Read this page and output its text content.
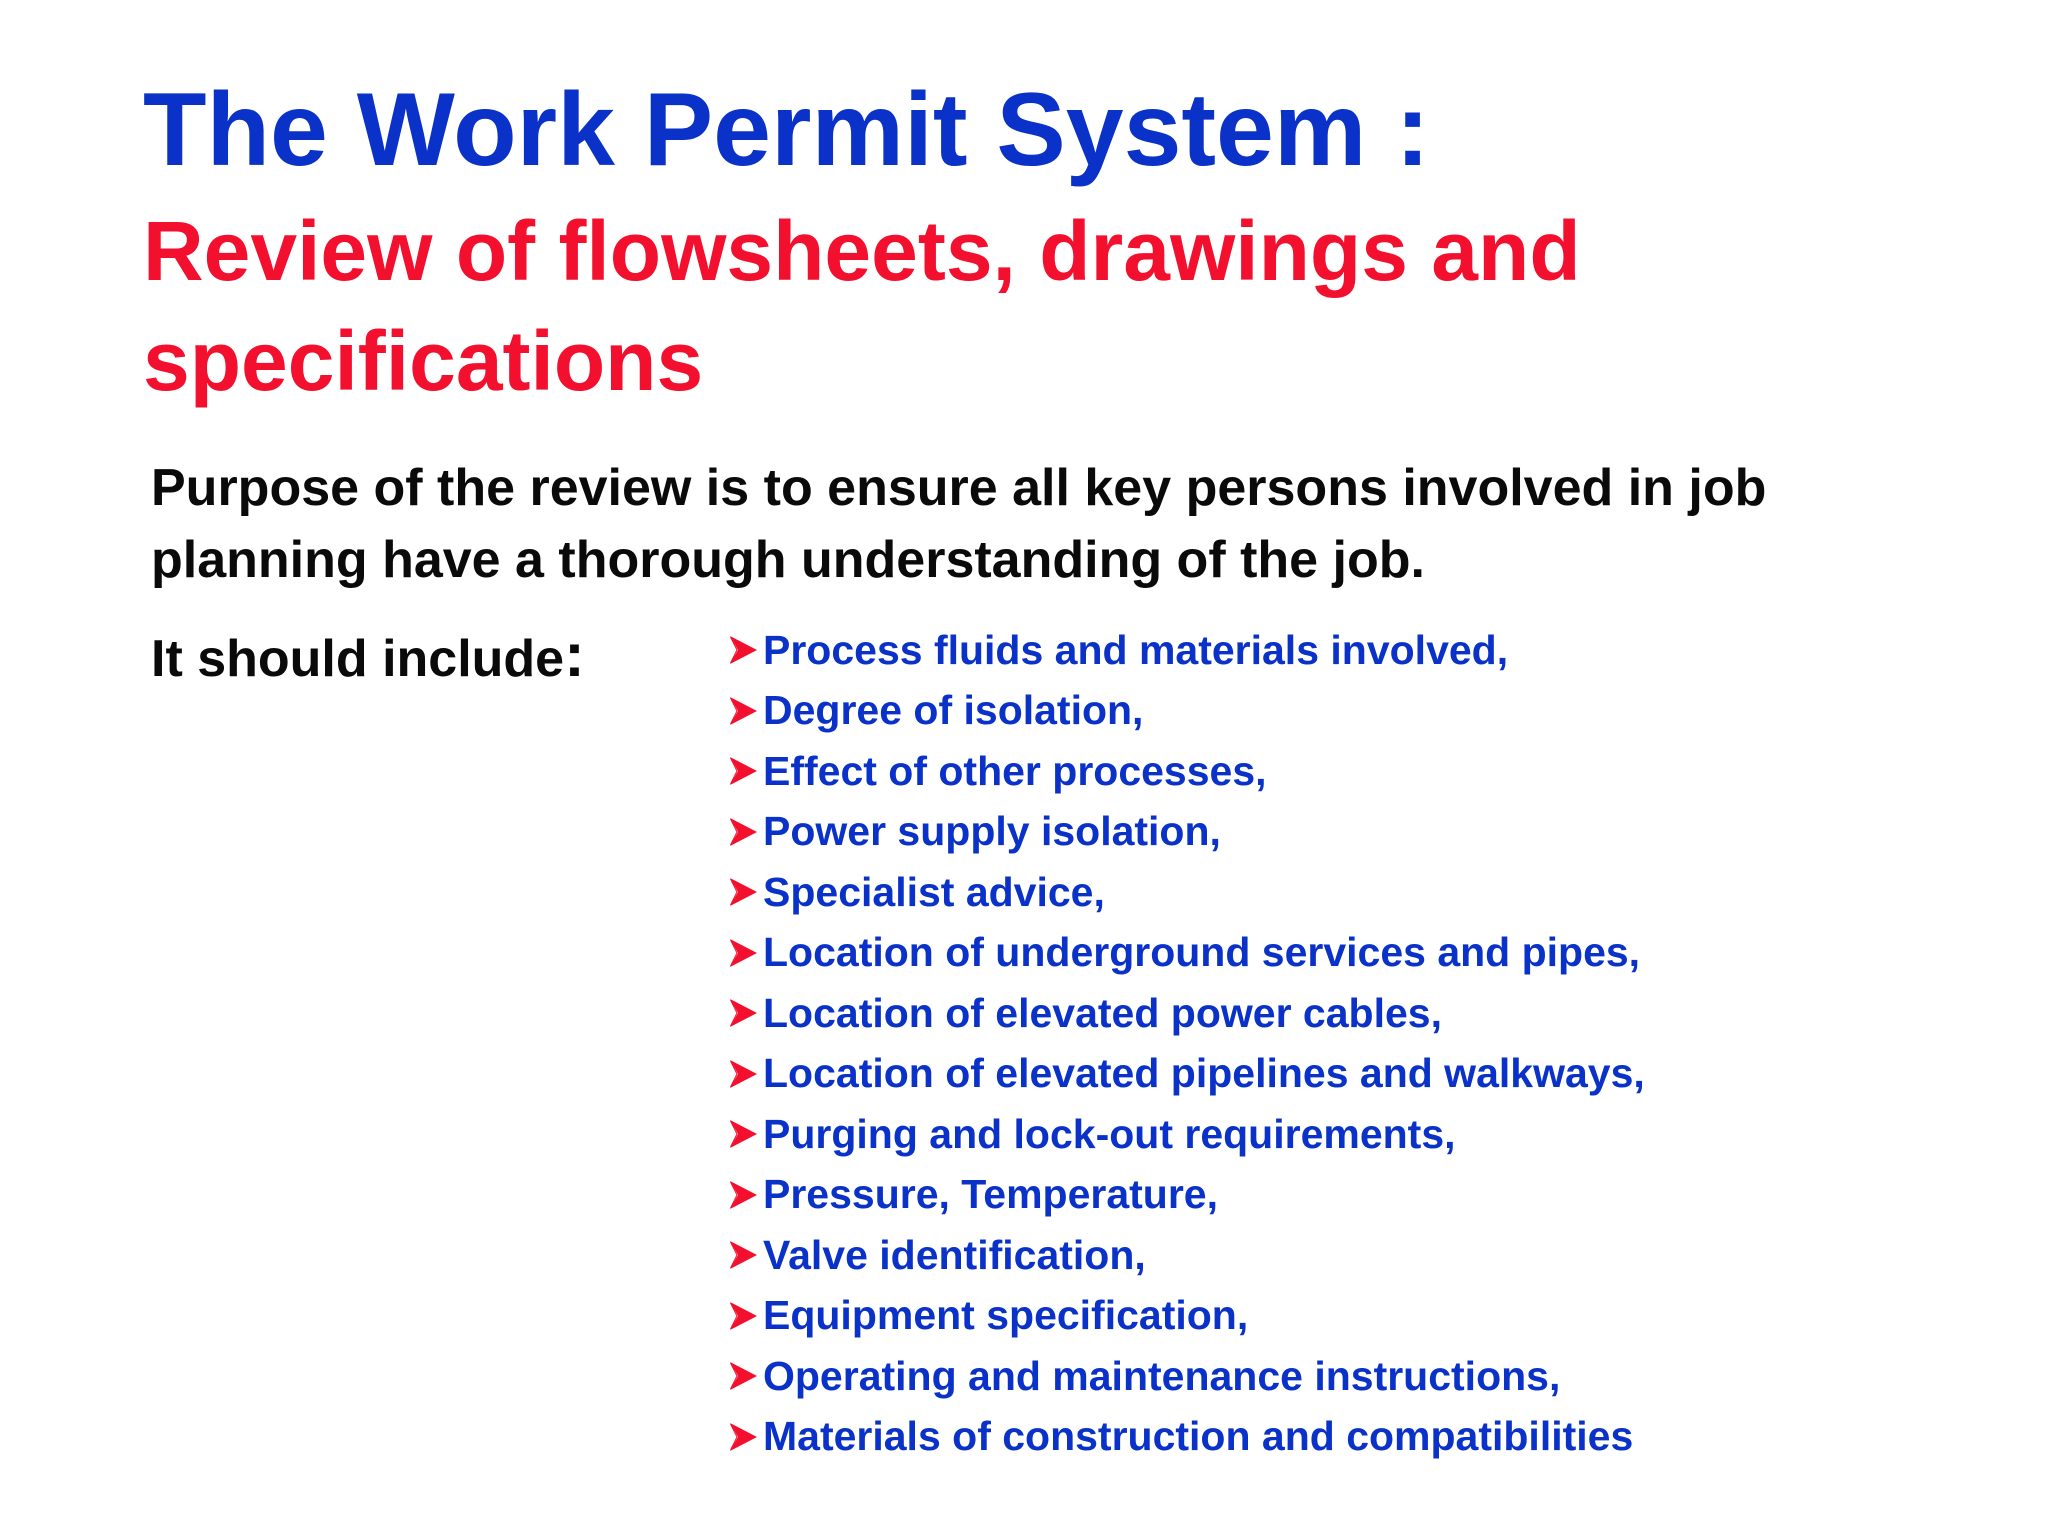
The Work Permit System :
Review of flowsheets, drawings and specifications
Purpose of the review is to ensure all key persons involved in job planning have a thorough understanding of the job.
It should include:	Process fluids and materials involved,
Degree of isolation,
Effect of other processes,
Power supply isolation,
Specialist advice,
Location of underground services and pipes,
Location of elevated power cables,
Location of elevated pipelines and walkways,
Purging and lock-out requirements,
Pressure, Temperature,
Valve identification,
Equipment specification,
Operating and maintenance instructions,
Materials of construction and compatibilities
